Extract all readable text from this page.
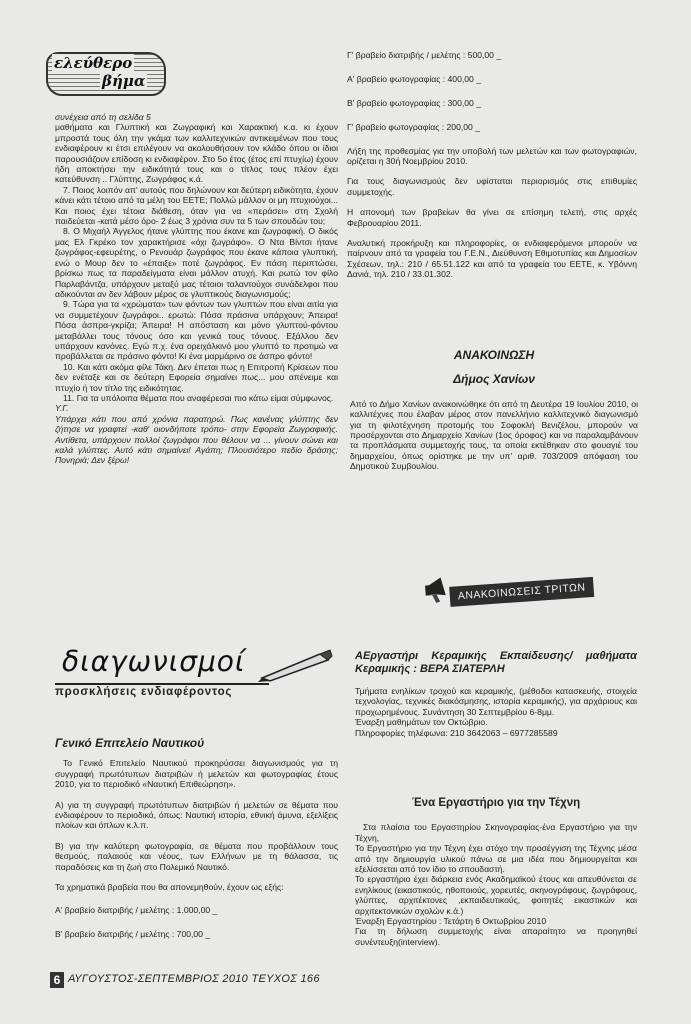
ελεύθερο
βήμα

συνέχεια από τη σελίδα 5

μαθήματα και Γλυπτική και Ζωγραφική και Χαρακτική κ.α. κι έχουν μπροστά τους όλη την γκάμα των καλλιτεχνικών αντικειμένων που τους ενδιαφέρουν κι έτσι επιλέγουν να ακολουθήσουν τον κλάδο όπου οι ίδιοι παρουσιάζουν επίδοση κι ενδιαφέρον. Στο 5ο έτος (έτος επί πτυχίω) έχουν ήδη αποκτήσει την ειδικότητά τους και ο τίτλος τους πλέον έχει κατεύθυνση .. Γλύπτης, Ζωγράφος κ.ά.

7. Ποιος λοιπόν απ' αυτούς που δηλώνουν και δεύτερη ειδικότητα, έχουν κάνει κάτι τέτοιο από τα μέλη του ΕΕΤΕ; Πολλώ μάλλον οι μη πτυχιούχοι... Και ποιος έχει τέτοια διάθεση, όταν για να «περάσει» στη Σχολή παιδεύεται -κατά μέσο όρο- 2 έως 3 χρόνια συν τα 5 των σπουδών του;

8. Ο Μιχαήλ Άγγελος ήτανε γλύπτης που έκανε και ζωγραφική. Ο δικός μας Ελ Γκρέκο τον χαρακτήρισε «όχι ζωγράφο». Ο Ντα Βίντσι ήτανε ζωγράφος-εφευρέτης, ο Ρενουάρ ζωγράφος που έκανε κάποια γλυπτική, ενώ ο Μουρ δεν το «έπαιξε» ποτέ ζωγράφος. Εν πάση περιπτώσει, βρίσκω πως τα παραδείγματα είναι μάλλον ατυχή. Και ρωτώ τον φίλο Παρλαβάντζα, υπάρχουν μεταξύ μας τέτοιοι ταλαντούχοι συνάδελφοι που αδικούνται αν δεν λάβουν μέρος σε γλυπτικούς διαγωνισμούς;

9. Τώρα για τα «χρώματα» των φόντων των γλυπτών που είναι αιτία για να συμμετέχουν ζωγράφοι.. ερωτώ: Πόσα πράσινα υπάρχουν; Άπειρα! Πόσα άσπρα-γκρίζα; Άπειρα! Η απόσταση και μόνο γλυπτού-φόντου μεταβάλλει τους τόνους όσο και γενικά τους τόνους. Εξάλλου δεν υπάρχουν κανόνες. Εγώ π.χ. ένα ορειχάλκινό μου γλυπτό το προτιμώ να προβάλλεται σε πράσινο φόντο! Κι ένα μαρμάρινο σε άσπρο φόντο!

10. Και κάτι ακόμα φίλε Τάκη. Δεν έπεται πως η Επιτροπή Κρίσεων που δεν ενέταξε και σε δεύτερη Εφορεία σημαίνει πως... μου απένειμε και πτυχίο ή τον τίτλο της ειδικότητας.

11. Για τα υπόλοιπα θέματα που αναφέρεσαι πιο κάτω είμαι σύμφωνος.

Υ.Γ.

Υπάρχει κάτι που από χρόνια παρατηρώ. Πως κανένας γλύπτης δεν ζήτησε να γραφτεί -καθ' οιονδήποτε τρόπο- στην Εφορεία Ζωγραφικής. Αντίθετα, υπάρχουν πολλοί ζωγράφοι που θέλουν να ... γίνουν σώνει και καλά γλύπτες. Αυτό κάτι σημαίνει! Αγάπη; Πλουσιότερο πεδίο δράσης; Πονηριά; Δεν ξέρω!

διαγωνισμοί
προσκλήσεις ενδιαφέροντος

Γενικό Επιτελείο Ναυτικού

Το Γενικό Επιτελείο Ναυτικού προκηρύσσει διαγωνισμούς για τη συγγραφή πρωτότυπων διατριβών ή μελετών και φωτογραφίας έτους 2010, για το περιοδικό «Ναυτική Επιθεώρηση».

Α) για τη συγγραφή πρωτότυπων διατριβών ή μελετών σε θέματα που ενδιαφέρουν το περιοδικό, όπως: Ναυτική ιστορία, εθνική άμυνα, εξελίξεις πλοίων και όπλων κ.λ.π.

Β) για την καλύτερη φωτογραφία, σε θέματα που προβάλλουν τους θεσμούς, παλαιούς και νέους, των Ελλήνων με τη θάλασσα, τις παραδόσεις και τη ζωή στο Πολεμικό Ναυτικό.

Τα χρηματικά βραβεία που θα απονεμηθούν, έχουν ως εξής:

Α' βραβείο διατριβής / μελέτης : 1.000,00 _

Β' βραβείο διατριβής / μελέτης : 700,00 _

Γ' βραβείο διατριβής / μελέτης : 500,00 _

Α' βραβείο φωτογραφίας : 400,00 _

Β' βραβείο φωτογραφίας : 300,00 _

Γ' βραβείο φωτογραφίας : 200,00 _

Λήξη της προθεσμίας για την υποβολή των μελετών και των φωτογραφιών, ορίζεται η 30ή Νοεμβρίου 2010.

Για τους διαγωνισμούς δεν υφίσταται περιορισμός στις επιθυμίες συμμετοχής.

Η απονομή των βραβείων θα γίνει σε επίσημη τελετή, στις αρχές Φεβρουαρίου 2011.

Αναλυτική προκήρυξη και πληροφορίες, οι ενδιαφερόμενοι μπορούν να παίρνουν από τα γραφεία του Γ.Ε.Ν., Διεύθυνση Εθιμοτυπίας και Δημοσίων Σχέσεων, τηλ.: 210 / 65.51.122 και από τα γραφεία του ΕΕΤΕ, κ. Υβόννη Δανιά, τηλ. 210 / 33.01.302.

ΑΝΑΚΟΙΝΩΣΗ

Δήμος Χανίων

Από το Δήμο Χανίων ανακοινώθηκε ότι από τη Δευτέρα 19 Ιουλίου 2010, οι καλλιτέχνες που έλαβαν μέρος στον πανελλήνιο καλλιτεχνικό διαγωνισμό για τη φιλοτέχνηση προτομής του Σοφοκλή Βενιζέλου, μπορούν να προσέρχονται στο Δημαρχείο Χανίων (1ος όροφος) και να παραλαμβάνουν τα προπλάσματα συμμετοχής τους, τα οποία εκτέθηκαν στο φουαγιέ του δημαρχείου, όπως ορίστηκε με την υπ' αριθ. 703/2009 απόφαση του Δημοτικού Συμβουλίου.

ΑΝΑΚΟΙΝΩΣΕΙΣ ΤΡΙΤΩΝ

ΑΕργαστήρι Κεραμικής Εκπαίδευσης/ μαθήματα Κεραμικής : ΒΕΡΑ ΣΙΑΤΕΡΛΗ

Τμήματα ενηλίκων τροχού και κεραμικής, (μέθοδοι κατασκευής, στοιχεία τεχνολογίας, τεχνικές διακόσμησης, ιστορία κεραμικής), για αρχάριους και προχωρημένους. Συνάντηση 30 Σεπτεμβρίου 6-8μμ.

Έναρξη μαθημάτων τον Οκτώβριο.

Πληροφορίες τηλέφωνα: 210 3642063 – 6977285589

Ένα Εργαστήριο για την Τέχνη

Στα πλαίσια του Εργαστηρίου Σκηνογραφίας-ένα Εργαστήριο για την Τέχνη,

Το Εργαστήριο για την Τέχνη έχει στόχο την προσέγγιση της Τέχνης μέσα από την δημιουργία υλικού πάνω σε μια ιδέα που δημιουργείται και εξελίσσεται από τον ίδιο το σπουδαστή.

Το εργαστήριο έχει διάρκεια ενός Ακαδημαϊκού έτους και απευθύνεται σε ενηλίκους (εικαστικούς, ηθοποιούς, χορευτές, σκηνογράφους, ζωγράφους, γλύπτες, αρχιτέκτονες ,εκπαιδευτικούς, φοιτητές εικαστικών και αρχιτεκτονικών σχολών κ.ά.)

Έναρξη Εργαστηρίου : Τετάρτη 6 Οκτωβρίου 2010

Για τη δήλωση συμμετοχής είναι απαραίτητο να προηγηθεί συνέντευξη(interview).

6 ΑΥΓΟΥΣΤΟΣ-ΣΕΠΤΕΜΒΡΙΟΣ 2010 ΤΕΥΧΟΣ 166
